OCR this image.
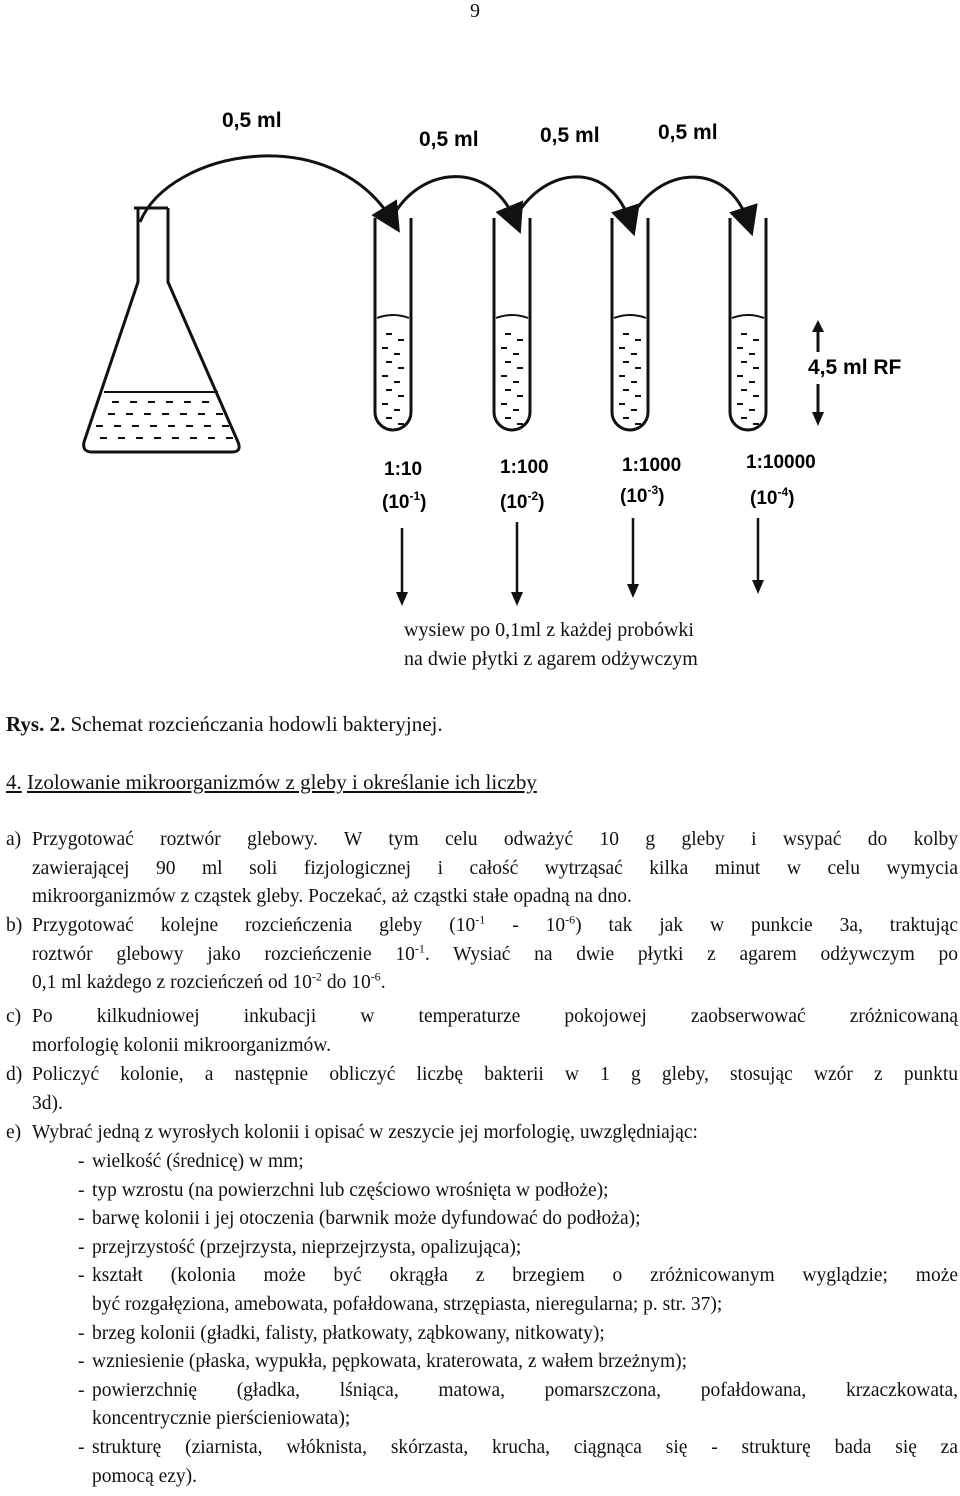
9
0,5 ml
0,5 ml	0,5 ml	0,5 ml
4,5 ml RF
1:10
$(10^{-1})$
1:100
$(10^{-2})$
1:1000
$(10^{-3})$
1:10000
$(10^{-4})$
wysiew po 0,1ml z każdej probówki
na dwie płytki z agarem odżywczym
Rys. 2. Schemat rozcieńczania hodowli bakteryjnej.
4. Izolowanie mikroorganizmów z gleby i określanie ich liczby
a) Przygotować roztwór glebowy. W tym celu odważyć 10 g gleby i wsypać do kolby
zawierającej 90 ml soli fizjologicznej i całość wytrząsać kilka minut w celu wymycia
mikroorganizmów z cząstek gleby. Poczekać, aż cząstki stałe opadną na dno.
b) Przygotować kolejne rozcieńczenia gleby $(10^{-1} - 10^{-6})$ tak jak w punkcie 3a, traktując
roztwór glebowy jako rozcieńczenie $10^{-1}$. Wysiać na dwie płytki z agarem odżywczym po
0,1 ml każdego z rozcieńczeń od $10^{-2}$ do $10^{-6}$.
c) Po kilkudniowej inkubacji w temperaturze pokojowej zaobserwować zróżnicowaną
morfologię kolonii mikroorganizmów.
d) Policzyć kolonie, a następnie obliczyć liczbę bakterii w 1 g gleby, stosując wzór z punktu
3d).
e) Wybrać jedną z wyrosłych kolonii i opisać w zeszycie jej morfologię, uwzględniając:
- wielkość (średnicę) w mm;
- typ wzrostu (na powierzchni lub częściowo wrośnięta w podłoże);
- barwę kolonii i jej otoczenia (barwnik może dyfundować do podłoża);
- przejrzystość (przejrzysta, nieprzejrzysta, opalizująca);
- kształt (kolonia może być okrągła z brzegiem o zróżnicowanym wyglądzie; może
być rozgałęziona, amebowata, pofałdowana, strzępiasta, nieregularna; p. str. 37);
- brzeg kolonii (gładki, falisty, płatkowaty, ząbkowany, nitkowaty);
- wzniesienie (płaska, wypukła, pępkowata, kraterowata, z wałem brzeżnym);
- powierzchnię (gładka, lśniąca, matowa, pomarszczona, pofałdowana, krzaczkowata,
koncentrycznie pierścieniowata);
- strukturę (ziarnista, włóknista, skórzasta, krucha, ciągnąca się - strukturę bada się za
pomocą ezy).
